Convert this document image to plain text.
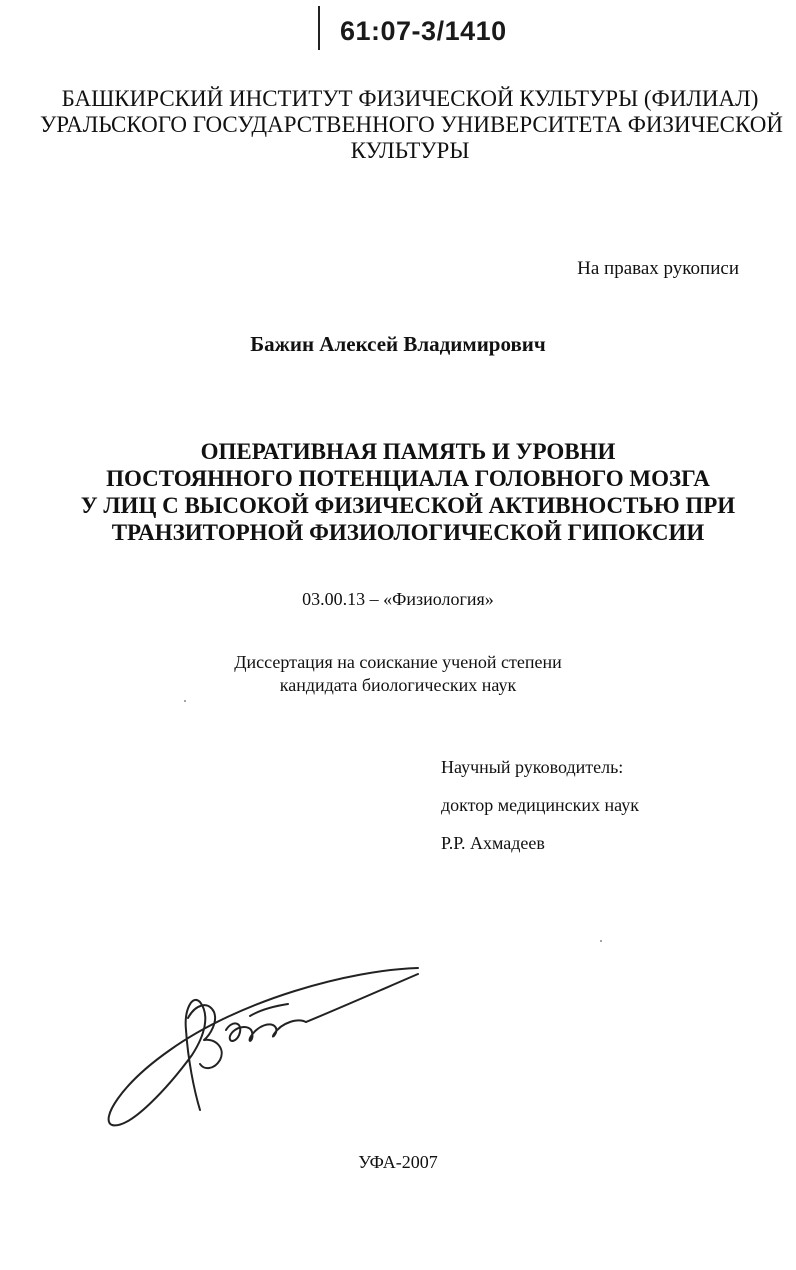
61:07-3/1410
БАШКИРСКИЙ ИНСТИТУТ ФИЗИЧЕСКОЙ КУЛЬТУРЫ (ФИЛИАЛ)
УРАЛЬСКОГО ГОСУДАРСТВЕННОГО УНИВЕРСИТЕТА ФИЗИЧЕСКОЙ
КУЛЬТУРЫ
На правах рукописи
Бажин Алексей Владимирович
ОПЕРАТИВНАЯ ПАМЯТЬ И УРОВНИ
ПОСТОЯННОГО ПОТЕНЦИАЛА ГОЛОВНОГО МОЗГА
У ЛИЦ С ВЫСОКОЙ ФИЗИЧЕСКОЙ АКТИВНОСТЬЮ ПРИ
ТРАНЗИТОРНОЙ ФИЗИОЛОГИЧЕСКОЙ ГИПОКСИИ
03.00.13 – «Физиология»
Диссертация на соискание ученой степени
кандидата биологических наук
Научный руководитель:
доктор медицинских наук
Р.Р. Ахмадеев
УФА-2007
